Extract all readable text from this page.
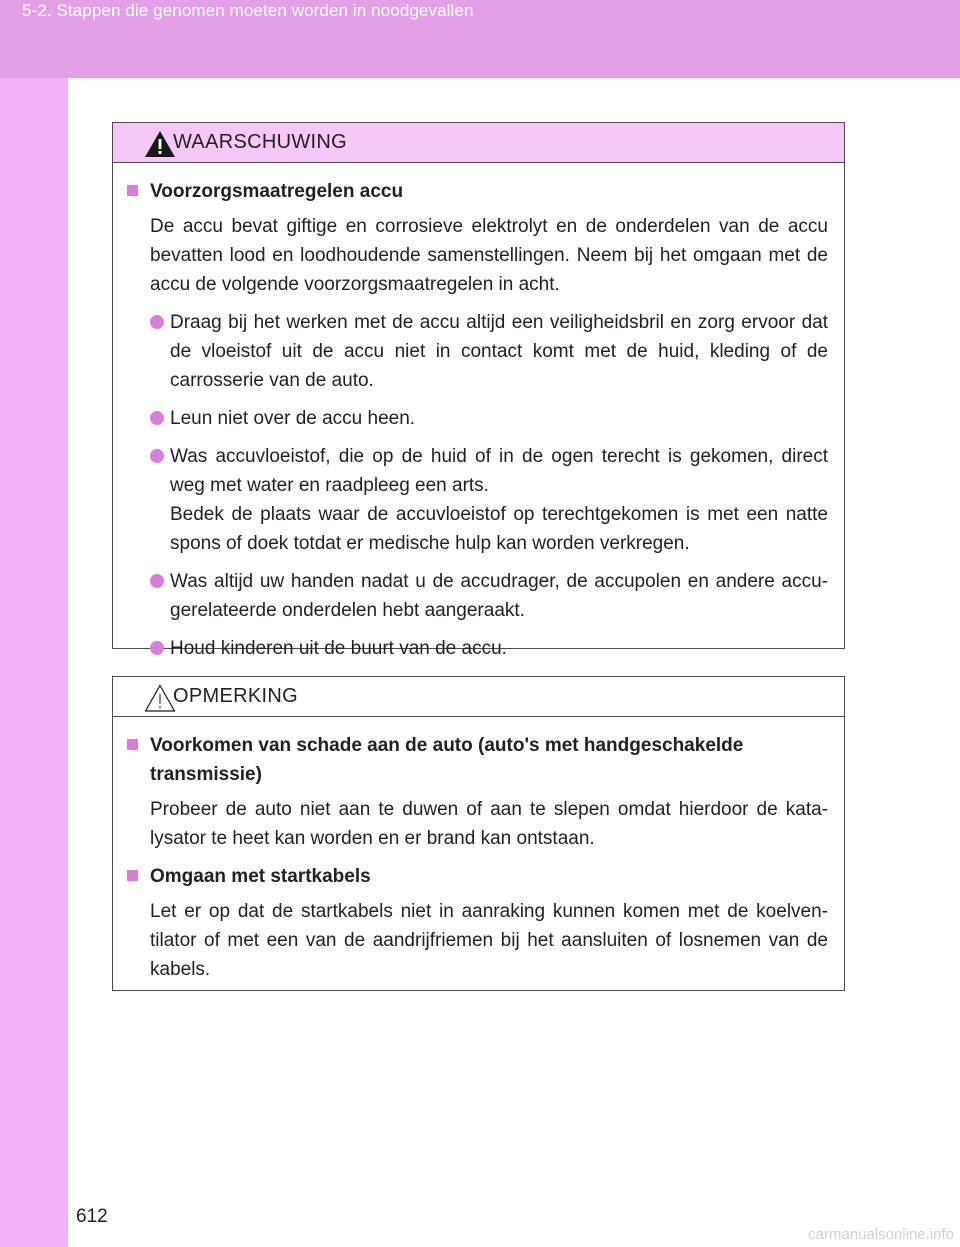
5-2. Stappen die genomen moeten worden in noodgevallen
WAARSCHUWING
Voorzorgsmaatregelen accu
De accu bevat giftige en corrosieve elektrolyt en de onderdelen van de accu bevatten lood en loodhoudende samenstellingen. Neem bij het omgaan met de accu de volgende voorzorgsmaatregelen in acht.
Draag bij het werken met de accu altijd een veiligheidsbril en zorg ervoor dat de vloeistof uit de accu niet in contact komt met de huid, kleding of de carrosserie van de auto.
Leun niet over de accu heen.
Was accuvloeistof, die op de huid of in de ogen terecht is gekomen, direct weg met water en raadpleeg een arts.
Bedek de plaats waar de accuvloeistof op terechtgekomen is met een natte spons of doek totdat er medische hulp kan worden verkregen.
Was altijd uw handen nadat u de accudrager, de accupolen en andere accu-gerelateerde onderdelen hebt aangeraakt.
Houd kinderen uit de buurt van de accu.
OPMERKING
Voorkomen van schade aan de auto (auto's met handgeschakelde transmissie)
Probeer de auto niet aan te duwen of aan te slepen omdat hierdoor de kata-lysator te heet kan worden en er brand kan ontstaan.
Omgaan met startkabels
Let er op dat de startkabels niet in aanraking kunnen komen met de koelven-tilator of met een van de aandrijfriemen bij het aansluiten of losnemen van de kabels.
612
carmanualsonline.info
